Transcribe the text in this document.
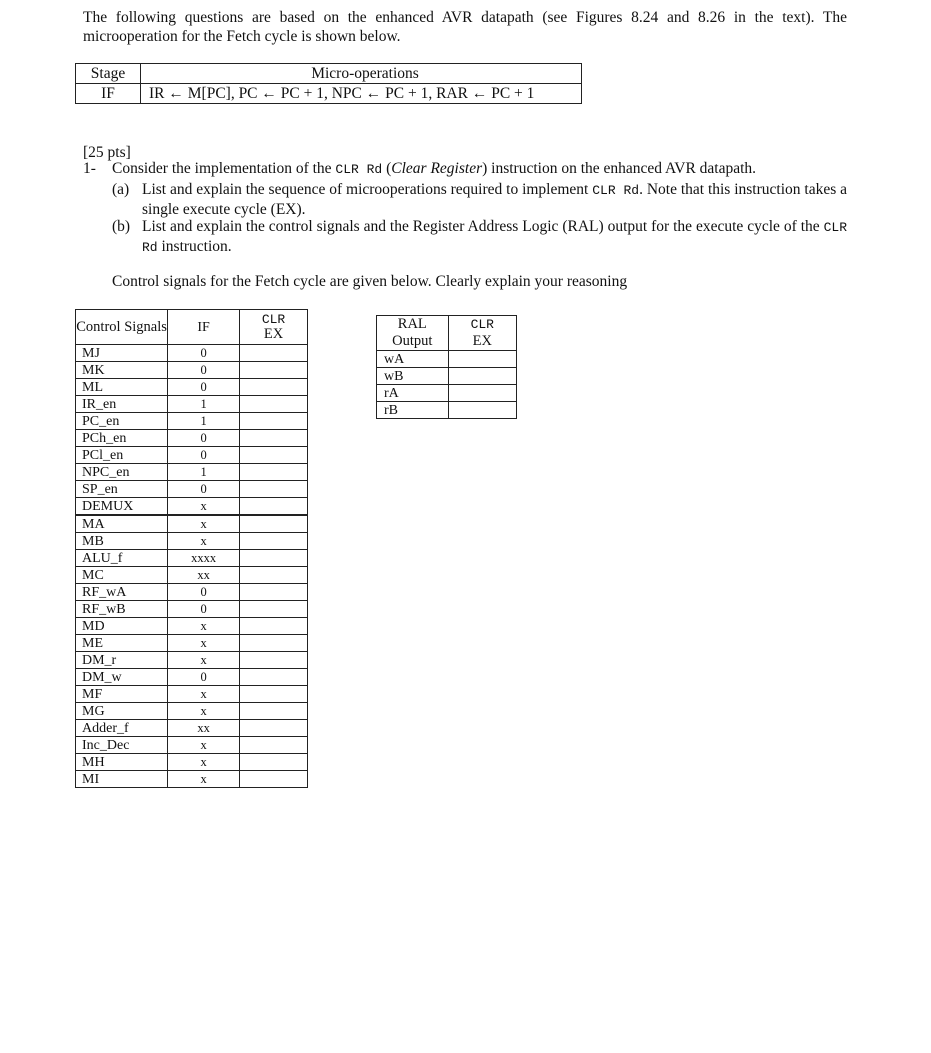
The following questions are based on the enhanced AVR datapath (see Figures 8.24 and 8.26 in the text). The microoperation for the Fetch cycle is shown below.
Stage	Micro-operations
IF	IR ← M[PC], PC ← PC + 1, NPC ← PC + 1, RAR ← PC + 1
[25 pts]
1- Consider the implementation of the CLR Rd (Clear Register) instruction on the enhanced AVR datapath.
(a) List and explain the sequence of microoperations required to implement CLR Rd. Note that this instruction takes a single execute cycle (EX).
(b) List and explain the control signals and the Register Address Logic (RAL) output for the execute cycle of the CLR Rd instruction.
Control signals for the Fetch cycle are given below. Clearly explain your reasoning
Control Signals	IF	CLR
EX
MJ	0	
MK	0	
ML	0	
IR_en	1	
PC_en	1	
PCh_en	0	
PCl_en	0	
NPC_en	1	
SP_en	0	
DEMUX	x	
MA	x	
MB	x	
ALU_f	xxxx	
MC	xx	
RF_wA	0	
RF_wB	0	
MD	x	
ME	x	
DM_r	x	
DM_w	0	
MF	x	
MG	x	
Adder_f	xx	
Inc_Dec	x	
MH	x	
MI	x	
RAL Output	CLR
EX
wA	
wB	
rA	
rB	
